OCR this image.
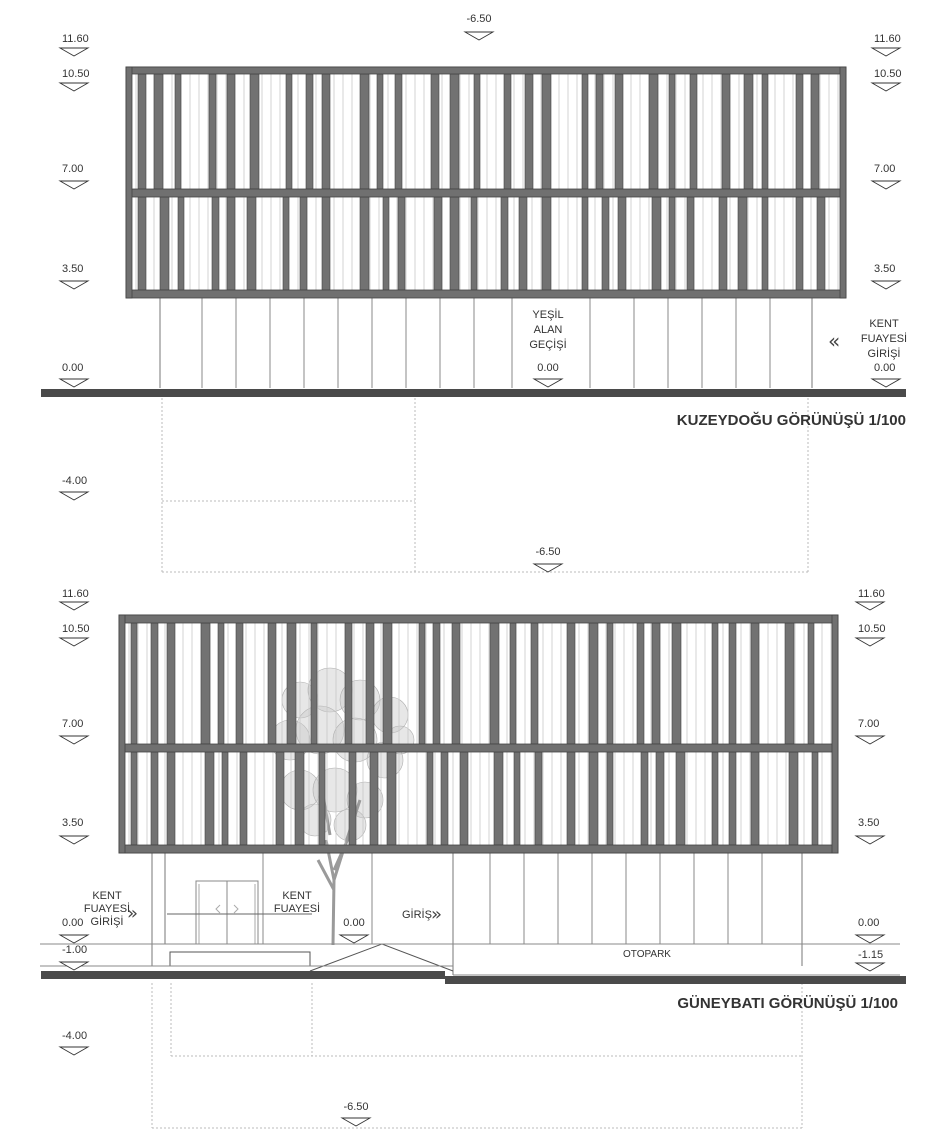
11.60
10.50
7.00
3.50
0.00
-4.00
11.60
10.50
7.00
3.50
0.00
-6.50
-6.50
YEŞİL
ALAN
GEÇİŞİ
0.00
KENT
FUAYESİ
GİRİŞİ
«
KUZEYDOĞU GÖRÜNÜŞÜ 1/100
11.60
10.50
7.00
3.50
0.00
-1.00
-4.00
11.60
10.50
7.00
3.50
0.00
-1.15
-6.50
0.00
KENT
FUAYESİ
GİRİŞİ »
KENT
FUAYESİ	GİRİŞ »
OTOPARK
GÜNEYBATI GÖRÜNÜŞÜ 1/100
